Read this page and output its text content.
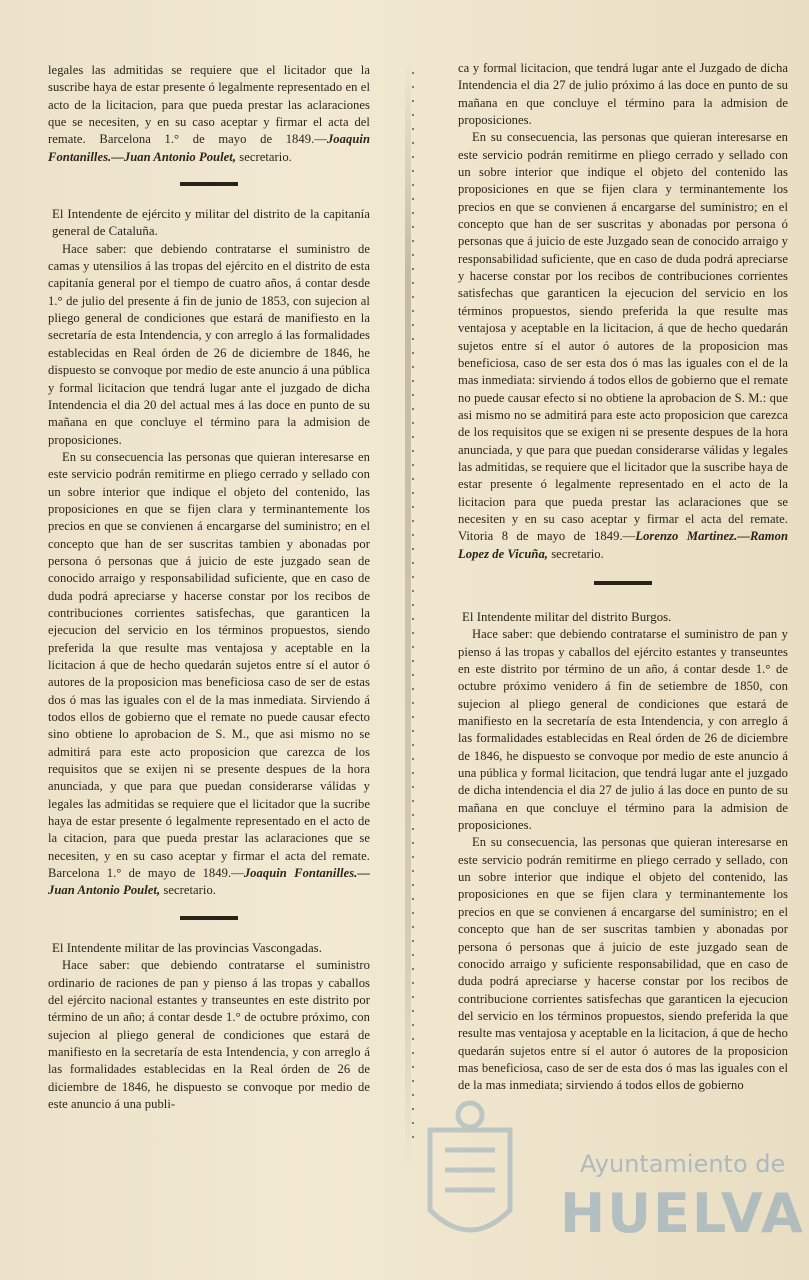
legales las admitidas se requiere que el licitador que la suscribe haya de estar presente ó legalmente representado en el acto de la licitacion, para que pueda prestar las aclaraciones que se necesiten, y en su caso aceptar y firmar el acta del remate. Barcelona 1.° de mayo de 1849.—Joaquin Fontanilles.—Juan Antonio Poulet, secretario.

El Intendente de ejército y militar del distrito de la capitanía general de Cataluña.

Hace saber: que debiendo contratarse el suministro de camas y utensilios á las tropas del ejército en el distrito de esta capitanía general por el tiempo de cuatro años, á contar desde 1.° de julio del presente á fin de junio de 1853, con sujecion al pliego general de condiciones que estará de manifiesto en la secretaría de esta Intendencia, y con arreglo á las formalidades establecidas en Real órden de 26 de diciembre de 1846, he dispuesto se convoque por medio de este anuncio á una pública y formal licitacion que tendrá lugar ante el juzgado de dicha Intendencia el dia 20 del actual mes á las doce en punto de su mañana en que concluye el término para la admision de proposiciones.

En su consecuencia las personas que quieran interesarse en este servicio podrán remitirme en pliego cerrado y sellado con un sobre interior que indique el objeto del contenido, las proposiciones en que se fijen clara y terminantemente los precios en que se convienen á encargarse del suministro; en el concepto que han de ser suscritas tambien y abonadas por persona ó personas que á juicio de este juzgado sean de conocido arraigo y responsabilidad suficiente, que en caso de duda podrá apreciarse y hacerse constar por los recibos de contribuciones corrientes satisfechas, que garanticen la ejecucion del servicio en los términos propuestos, siendo preferida la que resulte mas ventajosa y aceptable en la licitacion á que de hecho quedarán sujetos entre sí el autor ó autores de la proposicion mas beneficiosa caso de ser de estas dos ó mas las iguales con el de la mas inmediata. Sirviendo á todos ellos de gobierno que el remate no puede causar efecto sino obtiene lo aprobacion de S. M., que asi mismo no se admitirá para este acto proposicion que carezca de los requisitos que se exijen ni se presente despues de la hora anunciada, y que para que puedan considerarse válidas y legales las admitidas se requiere que el licitador que la sucribe haya de estar presente ó legalmente representado en el acto de la citacion, para que pueda prestar las aclaraciones que se necesiten, y en su caso aceptar y firmar el acta del remate. Barcelona 1.° de mayo de 1849.—Joaquin Fontanilles.—Juan Antonio Poulet, secretario.

El Intendente militar de las provincias Vascongadas.

Hace saber: que debiendo contratarse el suministro ordinario de raciones de pan y pienso á las tropas y caballos del ejército nacional estantes y transeuntes en este distrito por término de un año; á contar desde 1.° de octubre próximo, con sujecion al pliego general de condiciones que estará de manifiesto en la secretaría de esta Intendencia, y con arreglo á las formalidades establecidas en la Real órden de 26 de diciembre de 1846, he dispuesto se convoque por medio de este anuncio á una publi-

ca y formal licitacion, que tendrá lugar ante el Juzgado de dicha Intendencia el dia 27 de julio próximo á las doce en punto de su mañana en que concluye el término para la admision de proposiciones.

En su consecuencia, las personas que quieran interesarse en este servicio podrán remitirme en pliego cerrado y sellado con un sobre interior que indique el objeto del contenido las proposiciones en que se fijen clara y terminantemente los precios en que se convienen á encargarse del suministro; en el concepto que han de ser suscritas y abonadas por persona ó personas que á juicio de este Juzgado sean de conocido arraigo y responsabilidad suficiente, que en caso de duda podrá apreciarse y hacerse constar por los recibos de contribuciones corrientes satisfechas que garanticen la ejecucion del servicio en los términos propuestos, siendo preferida la que resulte mas ventajosa y aceptable en la licitacion, á que de hecho quedarán sujetos entre sí el autor ó autores de la proposicion mas beneficiosa, caso de ser esta dos ó mas las iguales con el de la mas inmediata: sirviendo á todos ellos de gobierno que el remate no puede causar efecto si no obtiene la aprobacion de S. M.: que asi mismo no se admitirá para este acto proposicion que carezca de los requisitos que se exigen ni se presente despues de la hora anunciada, y que para que puedan considerarse válidas y legales las admitidas, se requiere que el licitador que la suscribe haya de estar presente ó legalmente representado en el acto de la licitacion para que pueda prestar las aclaraciones que se necesiten y en su caso aceptar y firmar el acta del remate. Vitoria 8 de mayo de 1849.—Lorenzo Martinez.—Ramon Lopez de Vicuña, secretario.

El Intendente militar del distrito Burgos.

Hace saber: que debiendo contratarse el suministro de pan y pienso á las tropas y caballos del ejército estantes y transeuntes en este distrito por término de un año, á contar desde 1.° de octubre próximo venidero á fin de setiembre de 1850, con sujecion al pliego general de condiciones que estará de manifiesto en la secretaría de esta Intendencia, y con arreglo á las formalidades establecidas en Real órden de 26 de diciembre de 1846, he dispuesto se convoque por medio de este anuncio á una pública y formal licitacion, que tendrá lugar ante el juzgado de dicha intendencia el dia 27 de julio á las doce en punto de su mañana en que concluye el término para la admision de proposiciones.

En su consecuencia, las personas que quieran interesarse en este servicio podrán remitirme en pliego cerrado y sellado, con un sobre interior que indique el objeto del contenido, las proposiciones en que se fijen clara y terminantemente los precios en que se convienen á encargarse del suministro; en el concepto que han de ser suscritas tambien y abonadas por persona ó personas que á juicio de este juzgado sean de conocido arraigo y suficiente responsabilidad, que en caso de duda podrá apreciarse y hacerse constar por los recibos de contribucione corrientes satisfechas que garanticen la ejecucion del servicio en los términos propuestos, siendo preferida la que resulte mas ventajosa y aceptable en la licitacion, á que de hecho quedarán sujetos entre sí el autor ó autores de la proposicion mas beneficiosa, caso de ser de esta dos ó mas las iguales con el de la mas inmediata; sirviendo á todos ellos de gobierno

Ayuntamiento de
HUELVA
